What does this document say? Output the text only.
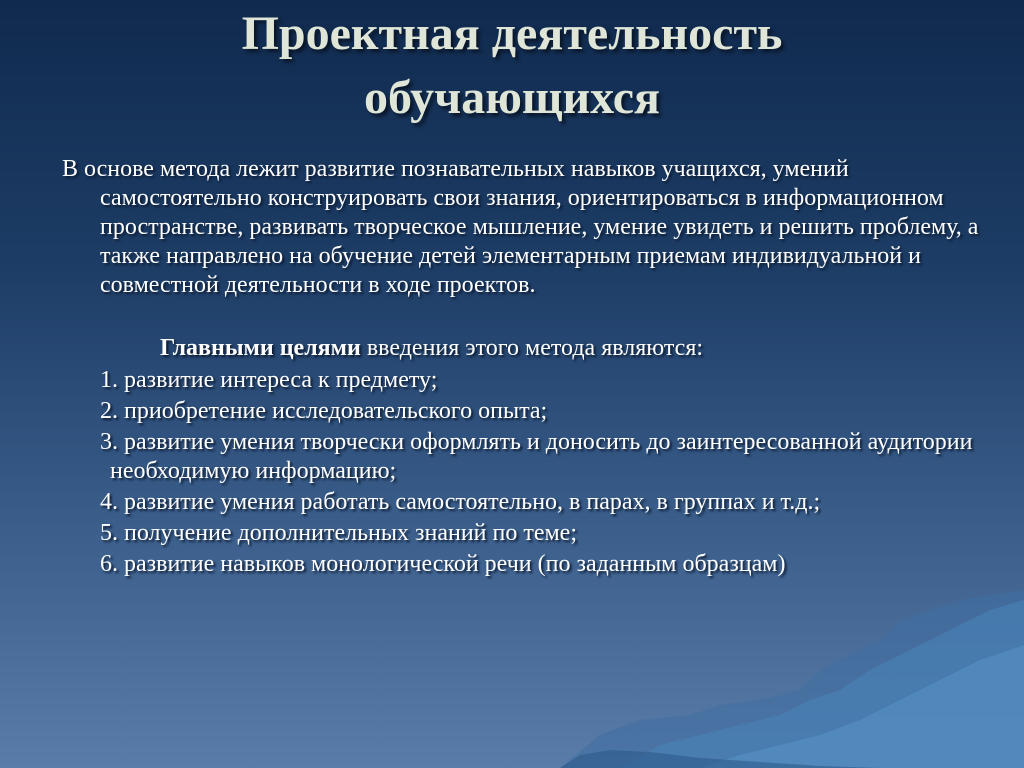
Проектная деятельность
обучающихся

В основе метода лежит развитие познавательных навыков учащихся, умений самостоятельно конструировать свои знания, ориентироваться в информационном пространстве, развивать творческое мышление, умение увидеть и решить проблему, а также направлено на обучение детей элементарным приемам индивидуальной и совместной деятельности в ходе проектов.

Главными целями введения этого метода являются:

1. развитие интереса к предмету;
2. приобретение исследовательского опыта;
3. развитие умения творчески оформлять и доносить до заинтересованной аудитории необходимую информацию;
4. развитие умения работать самостоятельно, в парах, в группах и т.д.;
5. получение дополнительных знаний по теме;
6. развитие навыков монологической речи (по заданным образцам)
